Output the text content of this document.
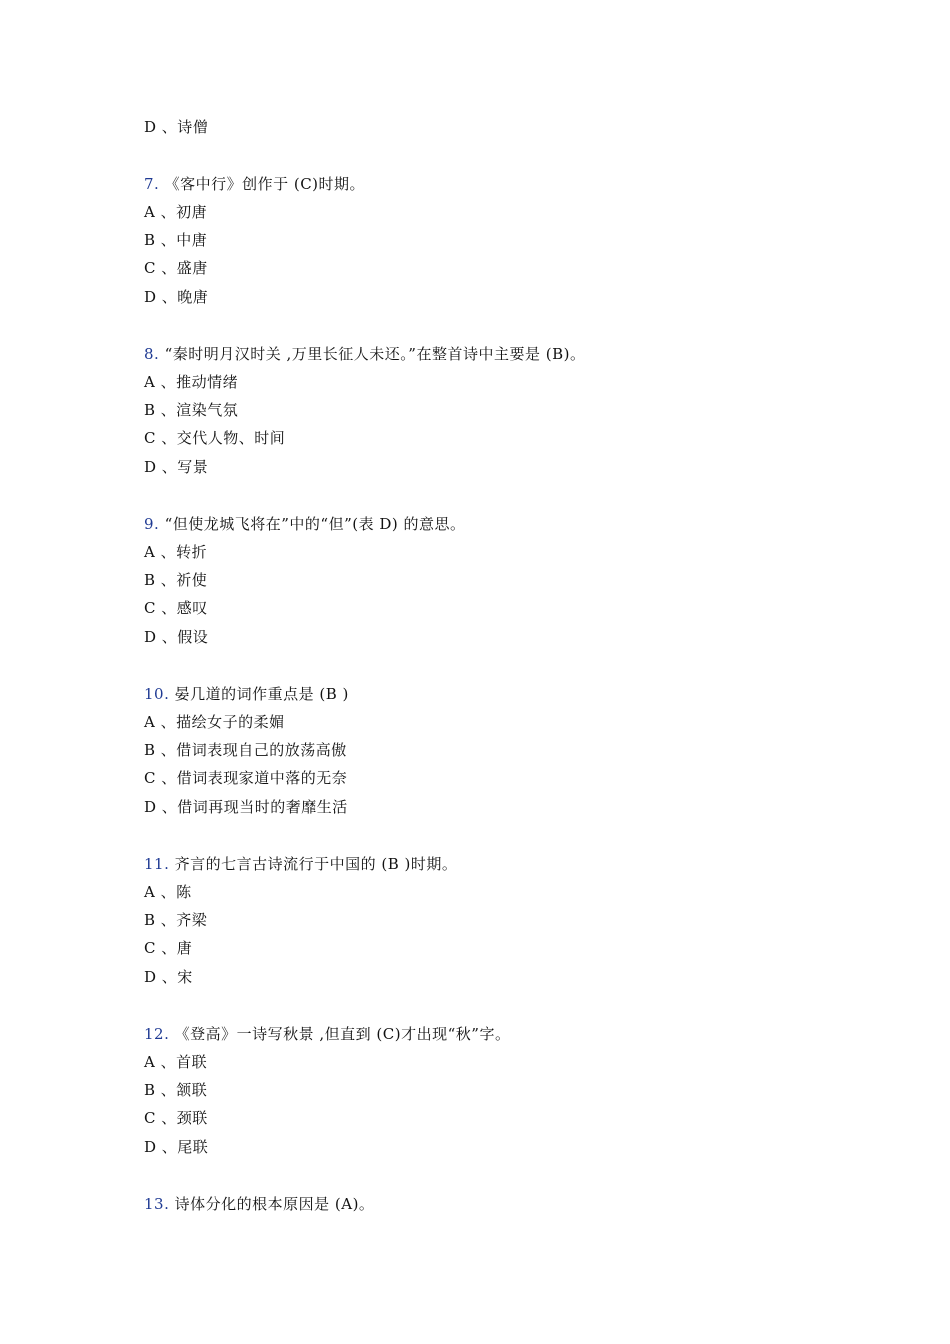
D 、诗僧
7. 《客中行》创作于 (C)时期。
A 、初唐
B 、中唐
C 、盛唐
D 、晚唐
8. “秦时明月汉时关 ,万里长征人未还。”在整首诗中主要是 (B)。
A 、推动情绪
B 、渲染气氛
C 、交代人物、时间
D 、写景
9. “但使龙城飞将在”中的“但”(表 D) 的意思。
A 、转折
B 、祈使
C 、感叹
D 、假设
10. 晏几道的词作重点是 (B )
A 、描绘女子的柔媚
B 、借词表现自己的放荡高傲
C 、借词表现家道中落的无奈
D 、借词再现当时的奢靡生活
11. 齐言的七言古诗流行于中国的 (B )时期。
A 、陈
B 、齐梁
C 、唐
D 、宋
12. 《登高》一诗写秋景 ,但直到 (C)才出现“秋”字。
A 、首联
B 、颔联
C 、颈联
D 、尾联
13. 诗体分化的根本原因是 (A)。
